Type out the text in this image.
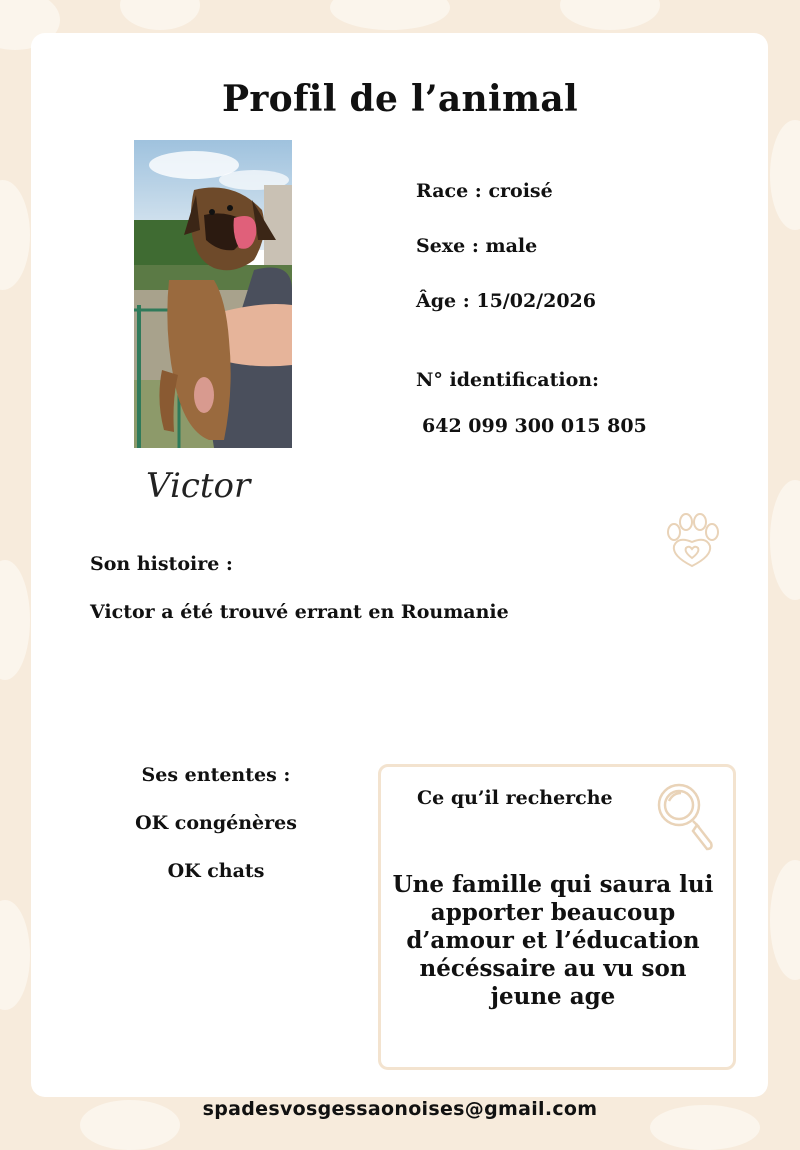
Profil de l’animal
Race : croisé
Sexe : male
Âge : 15/02/2026
N° identification:
642 099 300 015 805
Victor
Son histoire :
Victor a été trouvé errant en Roumanie
Ses ententes :
OK congénères
OK chats
Ce qu’il recherche
Une famille qui saura lui
apporter beaucoup
d’amour et l’éducation
nécéssaire au vu son
jeune age
spadesvosgessaonoises@gmail.com
